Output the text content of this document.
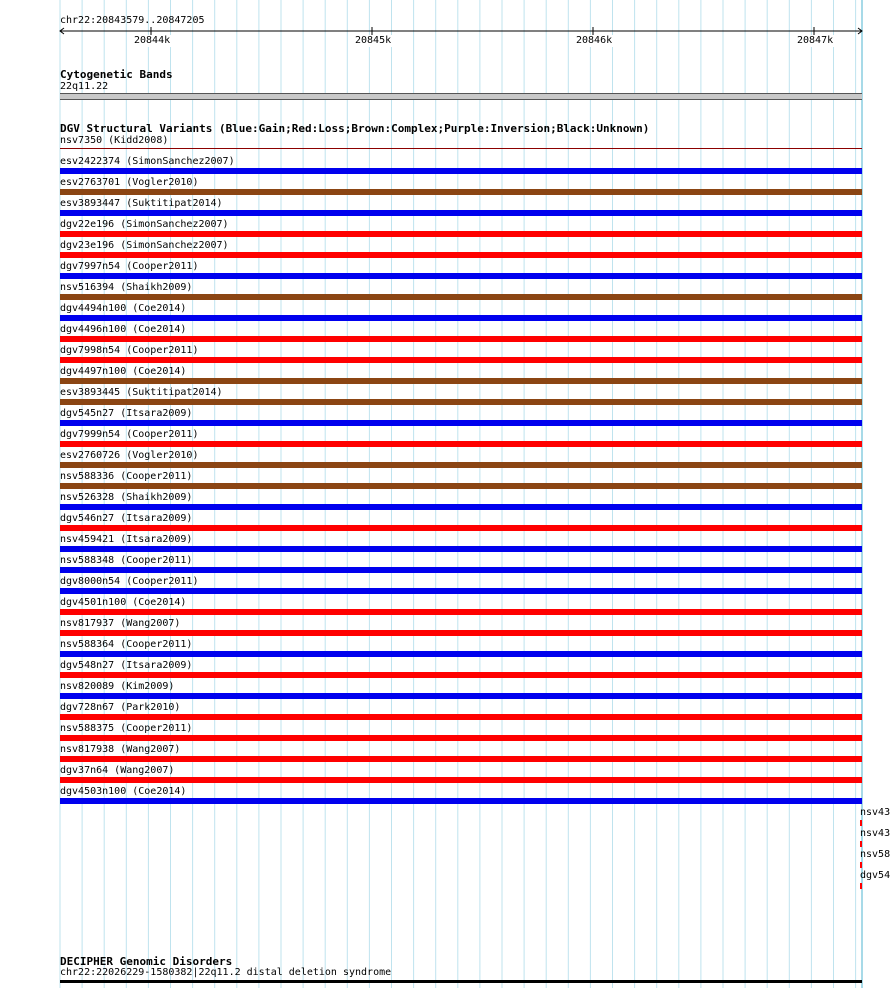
chr22:20843579..20847205
20844k	20845k	20846k	20847k
Cytogenetic Bands
22q11.22
DGV Structural Variants (Blue:Gain;Red:Loss;Brown:Complex;Purple:Inversion;Black:Unknown)
nsv7350 (Kidd2008)
esv2422374 (SimonSanchez2007)
esv2763701 (Vogler2010)
esv3893447 (Suktitipat2014)
dgv22e196 (SimonSanchez2007)
dgv23e196 (SimonSanchez2007)
dgv7997n54 (Cooper2011)
nsv516394 (Shaikh2009)
dgv4494n100 (Coe2014)
dgv4496n100 (Coe2014)
dgv7998n54 (Cooper2011)
dgv4497n100 (Coe2014)
esv3893445 (Suktitipat2014)
dgv545n27 (Itsara2009)
dgv7999n54 (Cooper2011)
esv2760726 (Vogler2010)
nsv588336 (Cooper2011)
nsv526328 (Shaikh2009)
dgv546n27 (Itsara2009)
nsv459421 (Itsara2009)
nsv588348 (Cooper2011)
dgv8000n54 (Cooper2011)
dgv4501n100 (Coe2014)
nsv817937 (Wang2007)
nsv588364 (Cooper2011)
dgv548n27 (Itsara2009)
nsv820089 (Kim2009)
dgv728n67 (Park2010)
nsv588375 (Cooper2011)
nsv817938 (Wang2007)
dgv37n64 (Wang2007)
dgv4503n100 (Coe2014)
nsv43
nsv43
nsv58
dgv54
DECIPHER Genomic Disorders
chr22:22026229-1580382|22q11.2 distal deletion syndrome
